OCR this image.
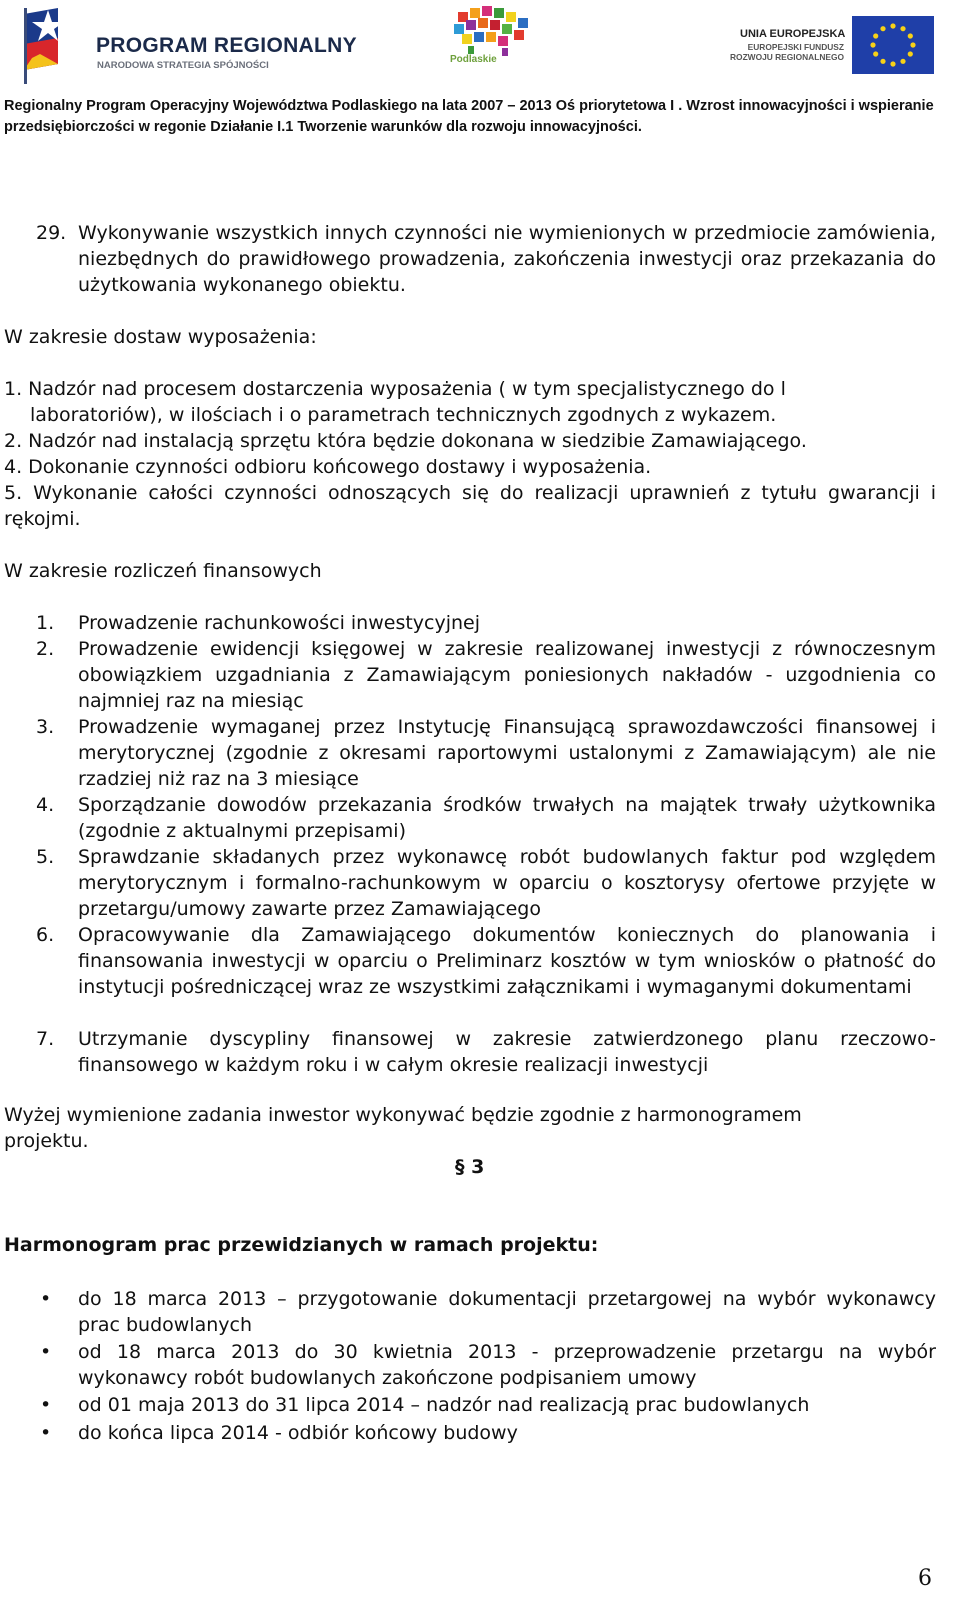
PROGRAM REGIONALNY
NARODOWA STRATEGIA SPÓJNOŚCI
Podlaskie
UNIA EUROPEJSKA
EUROPEJSKI FUNDUSZ ROZWOJU REGIONALNEGO
Regionalny Program Operacyjny Województwa Podlaskiego na lata 2007 – 2013 Oś priorytetowa I . Wzrost innowacyjności i wspieranie przedsiębiorczości w regonie Działanie I.1 Tworzenie warunków dla rozwoju innowacyjności.
29. Wykonywanie wszystkich innych czynności nie wymienionych w przedmiocie zamówienia, niezbędnych do prawidłowego prowadzenia, zakończenia inwestycji oraz przekazania do użytkowania wykonanego obiektu.
W zakresie dostaw wyposażenia:
1. Nadzór nad procesem dostarczenia wyposażenia ( w tym specjalistycznego do l laboratoriów), w ilościach i o parametrach technicznych zgodnych z wykazem.
2. Nadzór nad instalacją sprzętu która będzie dokonana w siedzibie Zamawiającego.
4. Dokonanie czynności odbioru końcowego dostawy i wyposażenia.
5. Wykonanie całości czynności odnoszących się do realizacji uprawnień z tytułu gwarancji i rękojmi.
W zakresie rozliczeń finansowych
1. Prowadzenie rachunkowości inwestycyjnej
2. Prowadzenie ewidencji księgowej w zakresie realizowanej inwestycji z równoczesnym obowiązkiem uzgadniania z Zamawiającym poniesionych nakładów - uzgodnienia co najmniej raz na miesiąc
3. Prowadzenie wymaganej przez Instytucję Finansującą sprawozdawczości finansowej i merytorycznej (zgodnie z okresami raportowymi ustalonymi z Zamawiającym) ale nie rzadziej niż raz na 3 miesiące
4. Sporządzanie dowodów przekazania środków trwałych na majątek trwały użytkownika (zgodnie z aktualnymi przepisami)
5. Sprawdzanie składanych przez wykonawcę robót budowlanych faktur pod względem merytorycznym i formalno-rachunkowym w oparciu o kosztorysy ofertowe przyjęte w przetargu/umowy zawarte przez Zamawiającego
6. Opracowywanie dla Zamawiającego dokumentów koniecznych do planowania i finansowania inwestycji w oparciu o Preliminarz kosztów w tym wniosków o płatność do instytucji pośredniczącej wraz ze wszystkimi załącznikami i wymaganymi dokumentami
7. Utrzymanie dyscypliny finansowej w zakresie zatwierdzonego planu rzeczowo-finansowego w każdym roku i w całym okresie realizacji inwestycji
Wyżej wymienione zadania inwestor wykonywać będzie zgodnie z harmonogramem projektu.
§ 3
Harmonogram prac przewidzianych w ramach projektu:
• do 18 marca 2013 – przygotowanie dokumentacji przetargowej na wybór wykonawcy prac budowlanych
• od 18 marca 2013 do 30 kwietnia 2013 - przeprowadzenie przetargu na wybór wykonawcy robót budowlanych zakończone podpisaniem umowy
• od 01 maja 2013 do 31 lipca 2014 – nadzór nad realizacją prac budowlanych
• do końca lipca 2014 - odbiór końcowy budowy
6
